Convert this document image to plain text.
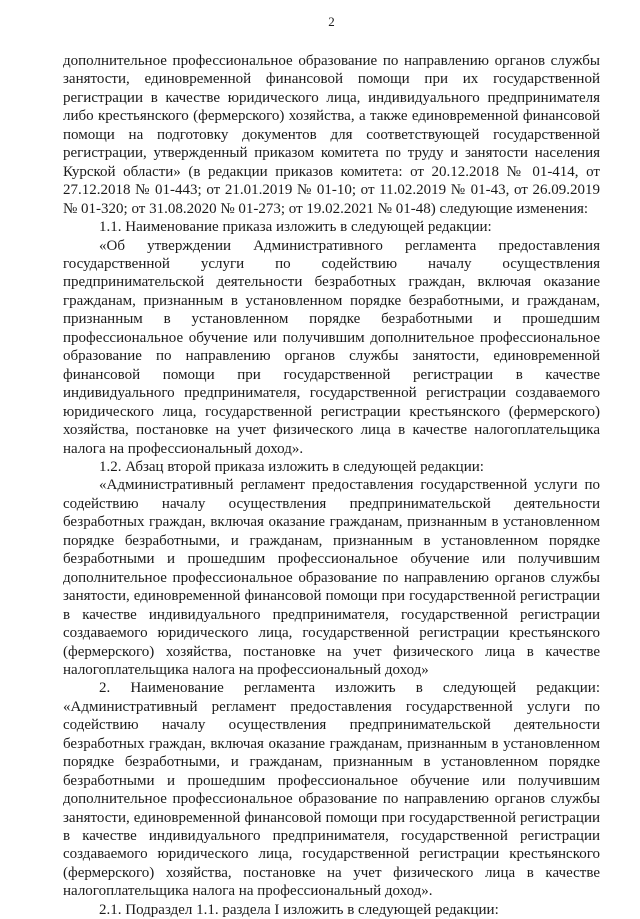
2

дополнительное профессиональное образование по направлению органов службы занятости, единовременной финансовой помощи при их государственной регистрации в качестве юридического лица, индивидуального предпринимателя либо крестьянского (фермерского) хозяйства, а также единовременной финансовой помощи на подготовку документов для соответствующей государственной регистрации, утвержденный приказом комитета по труду и занятости населения Курской области» (в редакции приказов комитета: от 20.12.2018 № 01-414, от 27.12.2018 № 01-443; от 21.01.2019 № 01-10; от 11.02.2019 № 01-43, от 26.09.2019 № 01-320; от 31.08.2020 № 01-273; от 19.02.2021 № 01-48) следующие изменения:

1.1. Наименование приказа изложить в следующей редакции:

«Об утверждении Административного регламента предоставления государственной услуги по содействию началу осуществления предпринимательской деятельности безработных граждан, включая оказание гражданам, признанным в установленном порядке безработными, и гражданам, признанным в установленном порядке безработными и прошедшим профессиональное обучение или получившим дополнительное профессиональное образование по направлению органов службы занятости, единовременной финансовой помощи при государственной регистрации в качестве индивидуального предпринимателя, государственной регистрации создаваемого юридического лица, государственной регистрации крестьянского (фермерского) хозяйства, постановке на учет физического лица в качестве налогоплательщика налога на профессиональный доход».

1.2. Абзац второй приказа изложить в следующей редакции:

«Административный регламент предоставления государственной услуги по содействию началу осуществления предпринимательской деятельности безработных граждан, включая оказание гражданам, признанным в установленном порядке безработными, и гражданам, признанным в установленном порядке безработными и прошедшим профессиональное обучение или получившим дополнительное профессиональное образование по направлению органов службы занятости, единовременной финансовой помощи при государственной регистрации в качестве индивидуального предпринимателя, государственной регистрации создаваемого юридического лица, государственной регистрации крестьянского (фермерского) хозяйства, постановке на учет физического лица в качестве налогоплательщика налога на профессиональный доход»

2. Наименование регламента изложить в следующей редакции: «Административный регламент предоставления государственной услуги по содействию началу осуществления предпринимательской деятельности безработных граждан, включая оказание гражданам, признанным в установленном порядке безработными, и гражданам, признанным в установленном порядке безработными и прошедшим профессиональное обучение или получившим дополнительное профессиональное образование по направлению органов службы занятости, единовременной финансовой помощи при государственной регистрации в качестве индивидуального предпринимателя, государственной регистрации создаваемого юридического лица, государственной регистрации крестьянского (фермерского) хозяйства, постановке на учет физического лица в качестве налогоплательщика налога на профессиональный доход».

2.1. Подраздел 1.1. раздела I изложить в следующей редакции:
